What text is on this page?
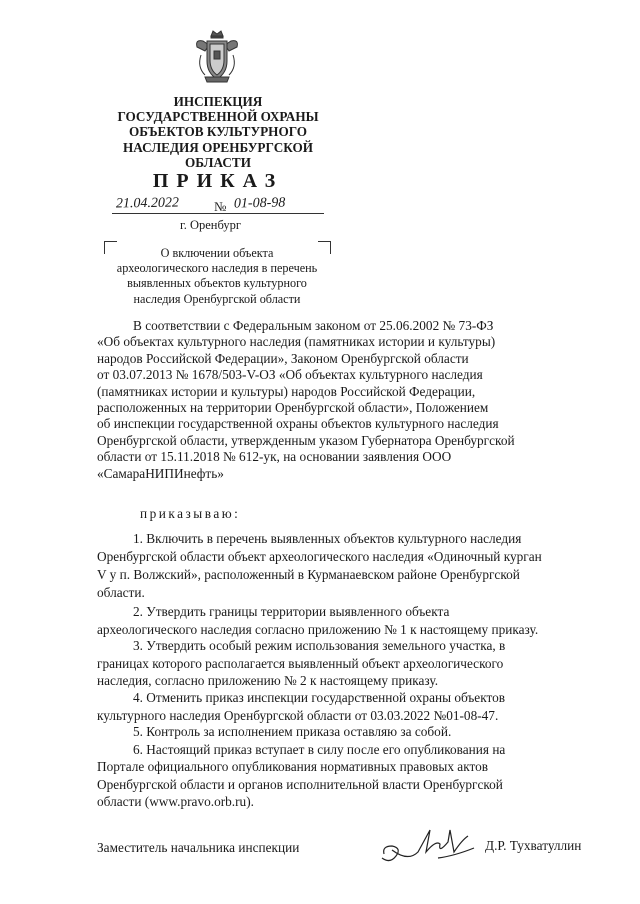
ИНСПЕКЦИЯ
ГОСУДАРСТВЕННОЙ ОХРАНЫ
ОБЪЕКТОВ КУЛЬТУРНОГО
НАСЛЕДИЯ ОРЕНБУРГСКОЙ
ОБЛАСТИ
ПРИКАЗ
21.04.2022	№ 01-08-98
г. Оренбург
О включении объекта
археологического наследия в перечень
выявленных объектов культурного
наследия Оренбургской области
В соответствии с Федеральным законом от 25.06.2002 № 73-ФЗ
«Об объектах культурного наследия (памятниках истории и культуры)
народов Российской Федерации», Законом Оренбургской области
от 03.07.2013 № 1678/503-V-ОЗ «Об объектах культурного наследия
(памятниках истории и культуры) народов Российской Федерации,
расположенных на территории Оренбургской области», Положением
об инспекции государственной охраны объектов культурного наследия
Оренбургской области, утвержденным указом Губернатора Оренбургской
области от 15.11.2018 № 612-ук, на основании заявления ООО
«СамараНИПИнефть»
приказываю:
1. Включить в перечень выявленных объектов культурного наследия
Оренбургской области объект археологического наследия «Одиночный курган
V у п. Волжский», расположенный в Курманаевском районе Оренбургской
области.
2. Утвердить границы территории выявленного объекта
археологического наследия согласно приложению № 1 к настоящему приказу.
3. Утвердить особый режим использования земельного участка, в
границах которого располагается выявленный объект археологического
наследия, согласно приложению № 2 к настоящему приказу.
4. Отменить приказ инспекции государственной охраны объектов
культурного наследия Оренбургской области от 03.03.2022 №01-08-47.
5. Контроль за исполнением приказа оставляю за собой.
6. Настоящий приказ вступает в силу после его опубликования на
Портале официального опубликования нормативных правовых актов
Оренбургской области и органов исполнительной власти Оренбургской
области (www.pravo.orb.ru).
Заместитель начальника инспекции	Д.Р. Тухватуллин
